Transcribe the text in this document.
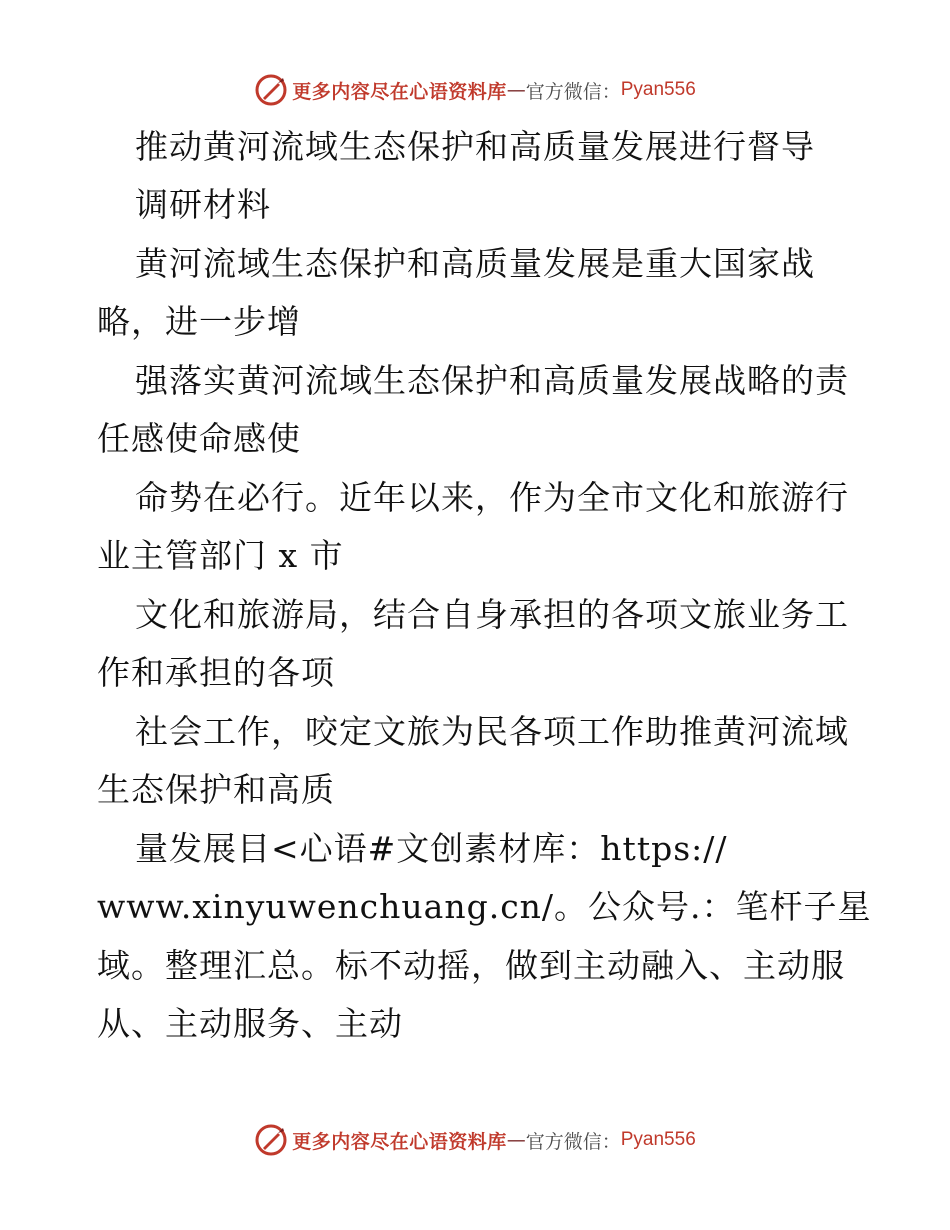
更多内容尽在心语资料库 — 官方微信： Pyan556
推动黄河流域生态保护和高质量发展进行督导
调研材料
黄河流域生态保护和高质量发展是重大国家战
略，进一步增
强落实黄河流域生态保护和高质量发展战略的责
任感使命感使
命势在必行。近年以来，作为全市文化和旅游行
业主管部门 x 市
文化和旅游局，结合自身承担的各项文旅业务工
作和承担的各项
社会工作，咬定文旅为民各项工作助推黄河流域
生态保护和高质
量发展目<心语#文创素材库：https://
www.xinyuwenchuang.cn/。公众号.：笔杆子星
域。整理汇总。标不动摇，做到主动融入、主动服
从、主动服务、主动
更多内容尽在心语资料库 — 官方微信： Pyan556
